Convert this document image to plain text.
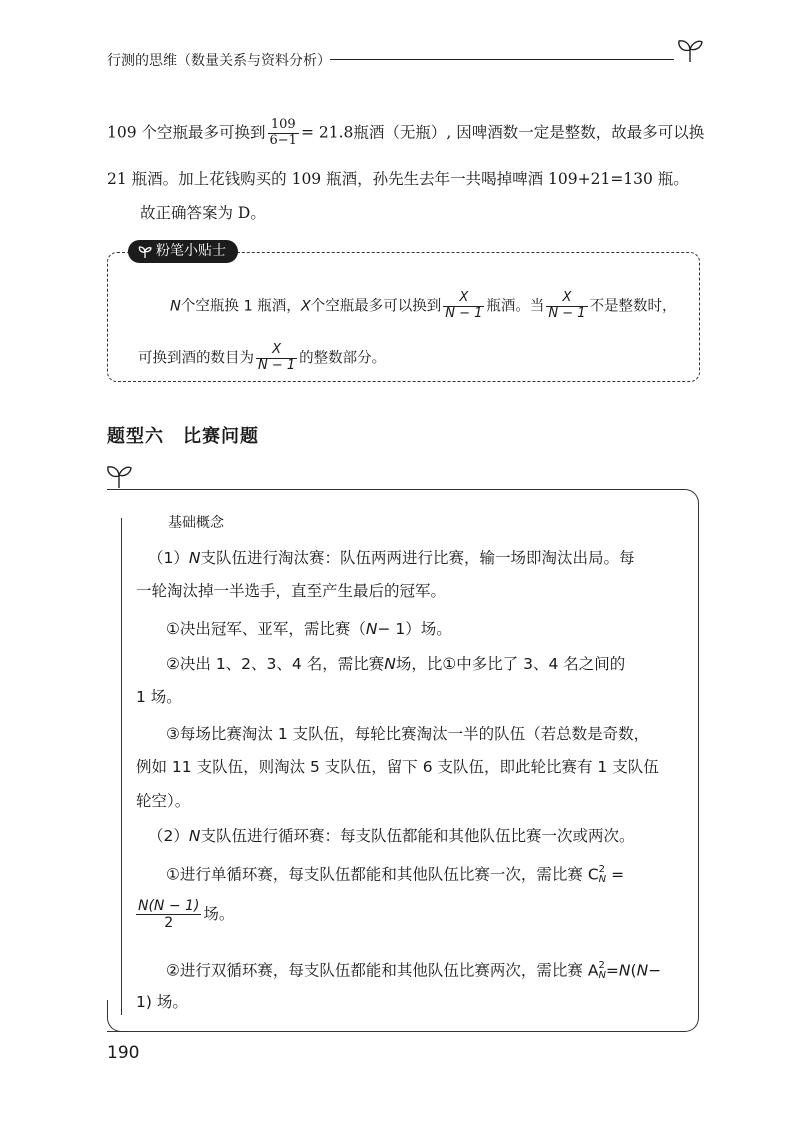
行测的思维（数量关系与资料分析）
109 个空瓶最多可换到 $\frac{109}{6-1} = 21.8$瓶酒（无瓶）, 因啤酒数一定是整数，故最多可以换
21 瓶酒。加上花钱购买的 109 瓶酒，孙先生去年一共喝掉啤酒 109+21=130 瓶。
故正确答案为 D。
粉笔小贴士
N个空瓶换 1 瓶酒，X个空瓶最多可以换到 $\frac{X}{N - 1}$ 瓶酒。当 $\frac{X}{N - 1}$ 不是整数时，
可换到酒的数目为 $\frac{X}{N - 1}$ 的整数部分。
题型六　比赛问题
基础概念
（1）N支队伍进行淘汰赛：队伍两两进行比赛，输一场即淘汰出局。每
一轮淘汰掉一半选手，直至产生最后的冠军。
①决出冠军、亚军，需比赛（N− 1）场。
②决出 1、2、3、4 名，需比赛N场，比①中多比了 3、4 名之间的
1 场。
③每场比赛淘汰 1 支队伍，每轮比赛淘汰一半的队伍（若总数是奇数，
例如 11 支队伍，则淘汰 5 支队伍，留下 6 支队伍，即此轮比赛有 1 支队伍
轮空）。
（2）N支队伍进行循环赛：每支队伍都能和其他队伍比赛一次或两次。
①进行单循环赛，每支队伍都能和其他队伍比赛一次，需比赛 C 2
N =
$\frac{N(N - 1)}{2}$ 场。
②进行双循环赛，每支队伍都能和其他队伍比赛两次，需比赛 A 2
N =N(N−
1) 场。
190
